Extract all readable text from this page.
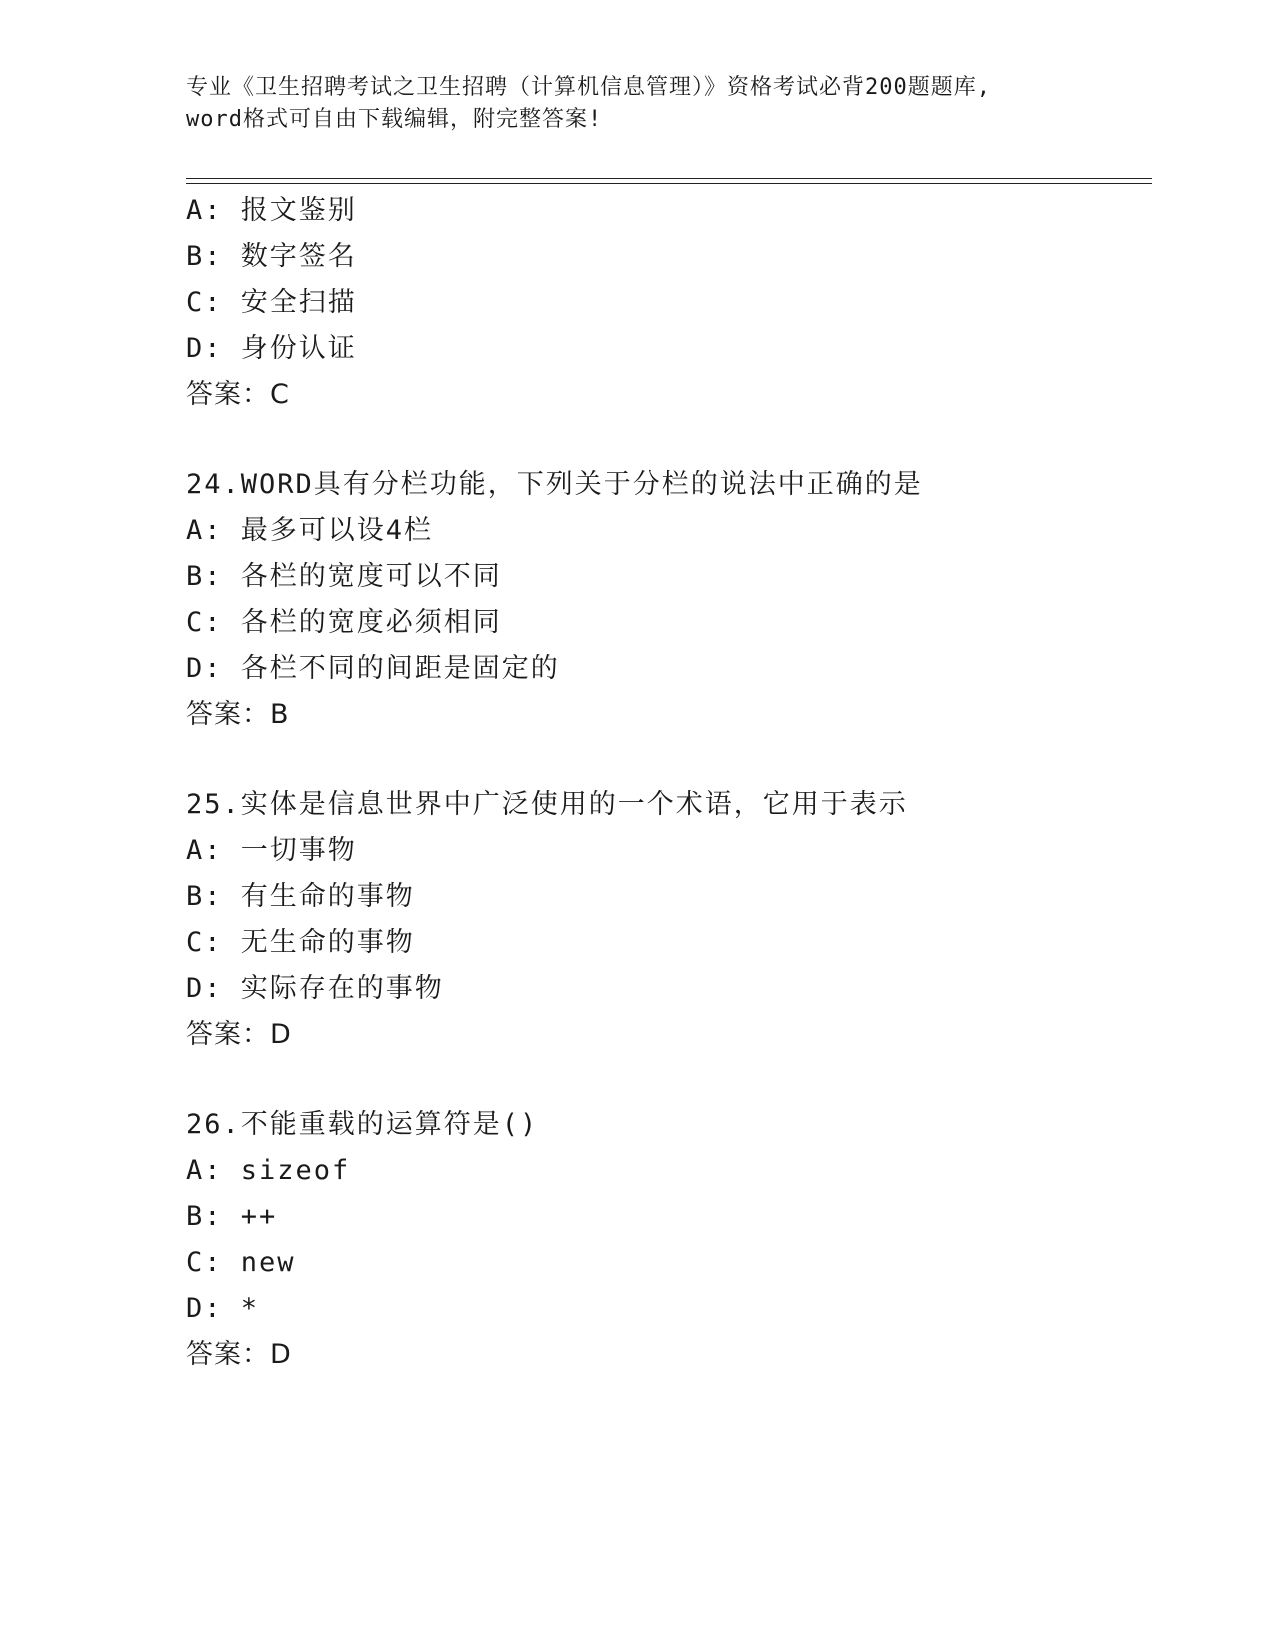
专业《卫生招聘考试之卫生招聘（计算机信息管理）》资格考试必背200题题库,
word格式可自由下载编辑，附完整答案!
A: 报文鉴别
B: 数字签名
C: 安全扫描
D: 身份认证
答案：C
24.WORD具有分栏功能，下列关于分栏的说法中正确的是
A: 最多可以设4栏
B: 各栏的宽度可以不同
C: 各栏的宽度必须相同
D: 各栏不同的间距是固定的
答案：B
25.实体是信息世界中广泛使用的一个术语，它用于表示
A: 一切事物
B: 有生命的事物
C: 无生命的事物
D: 实际存在的事物
答案：D
26.不能重载的运算符是()
A: sizeof
B: ++
C: new
D: *
答案：D
